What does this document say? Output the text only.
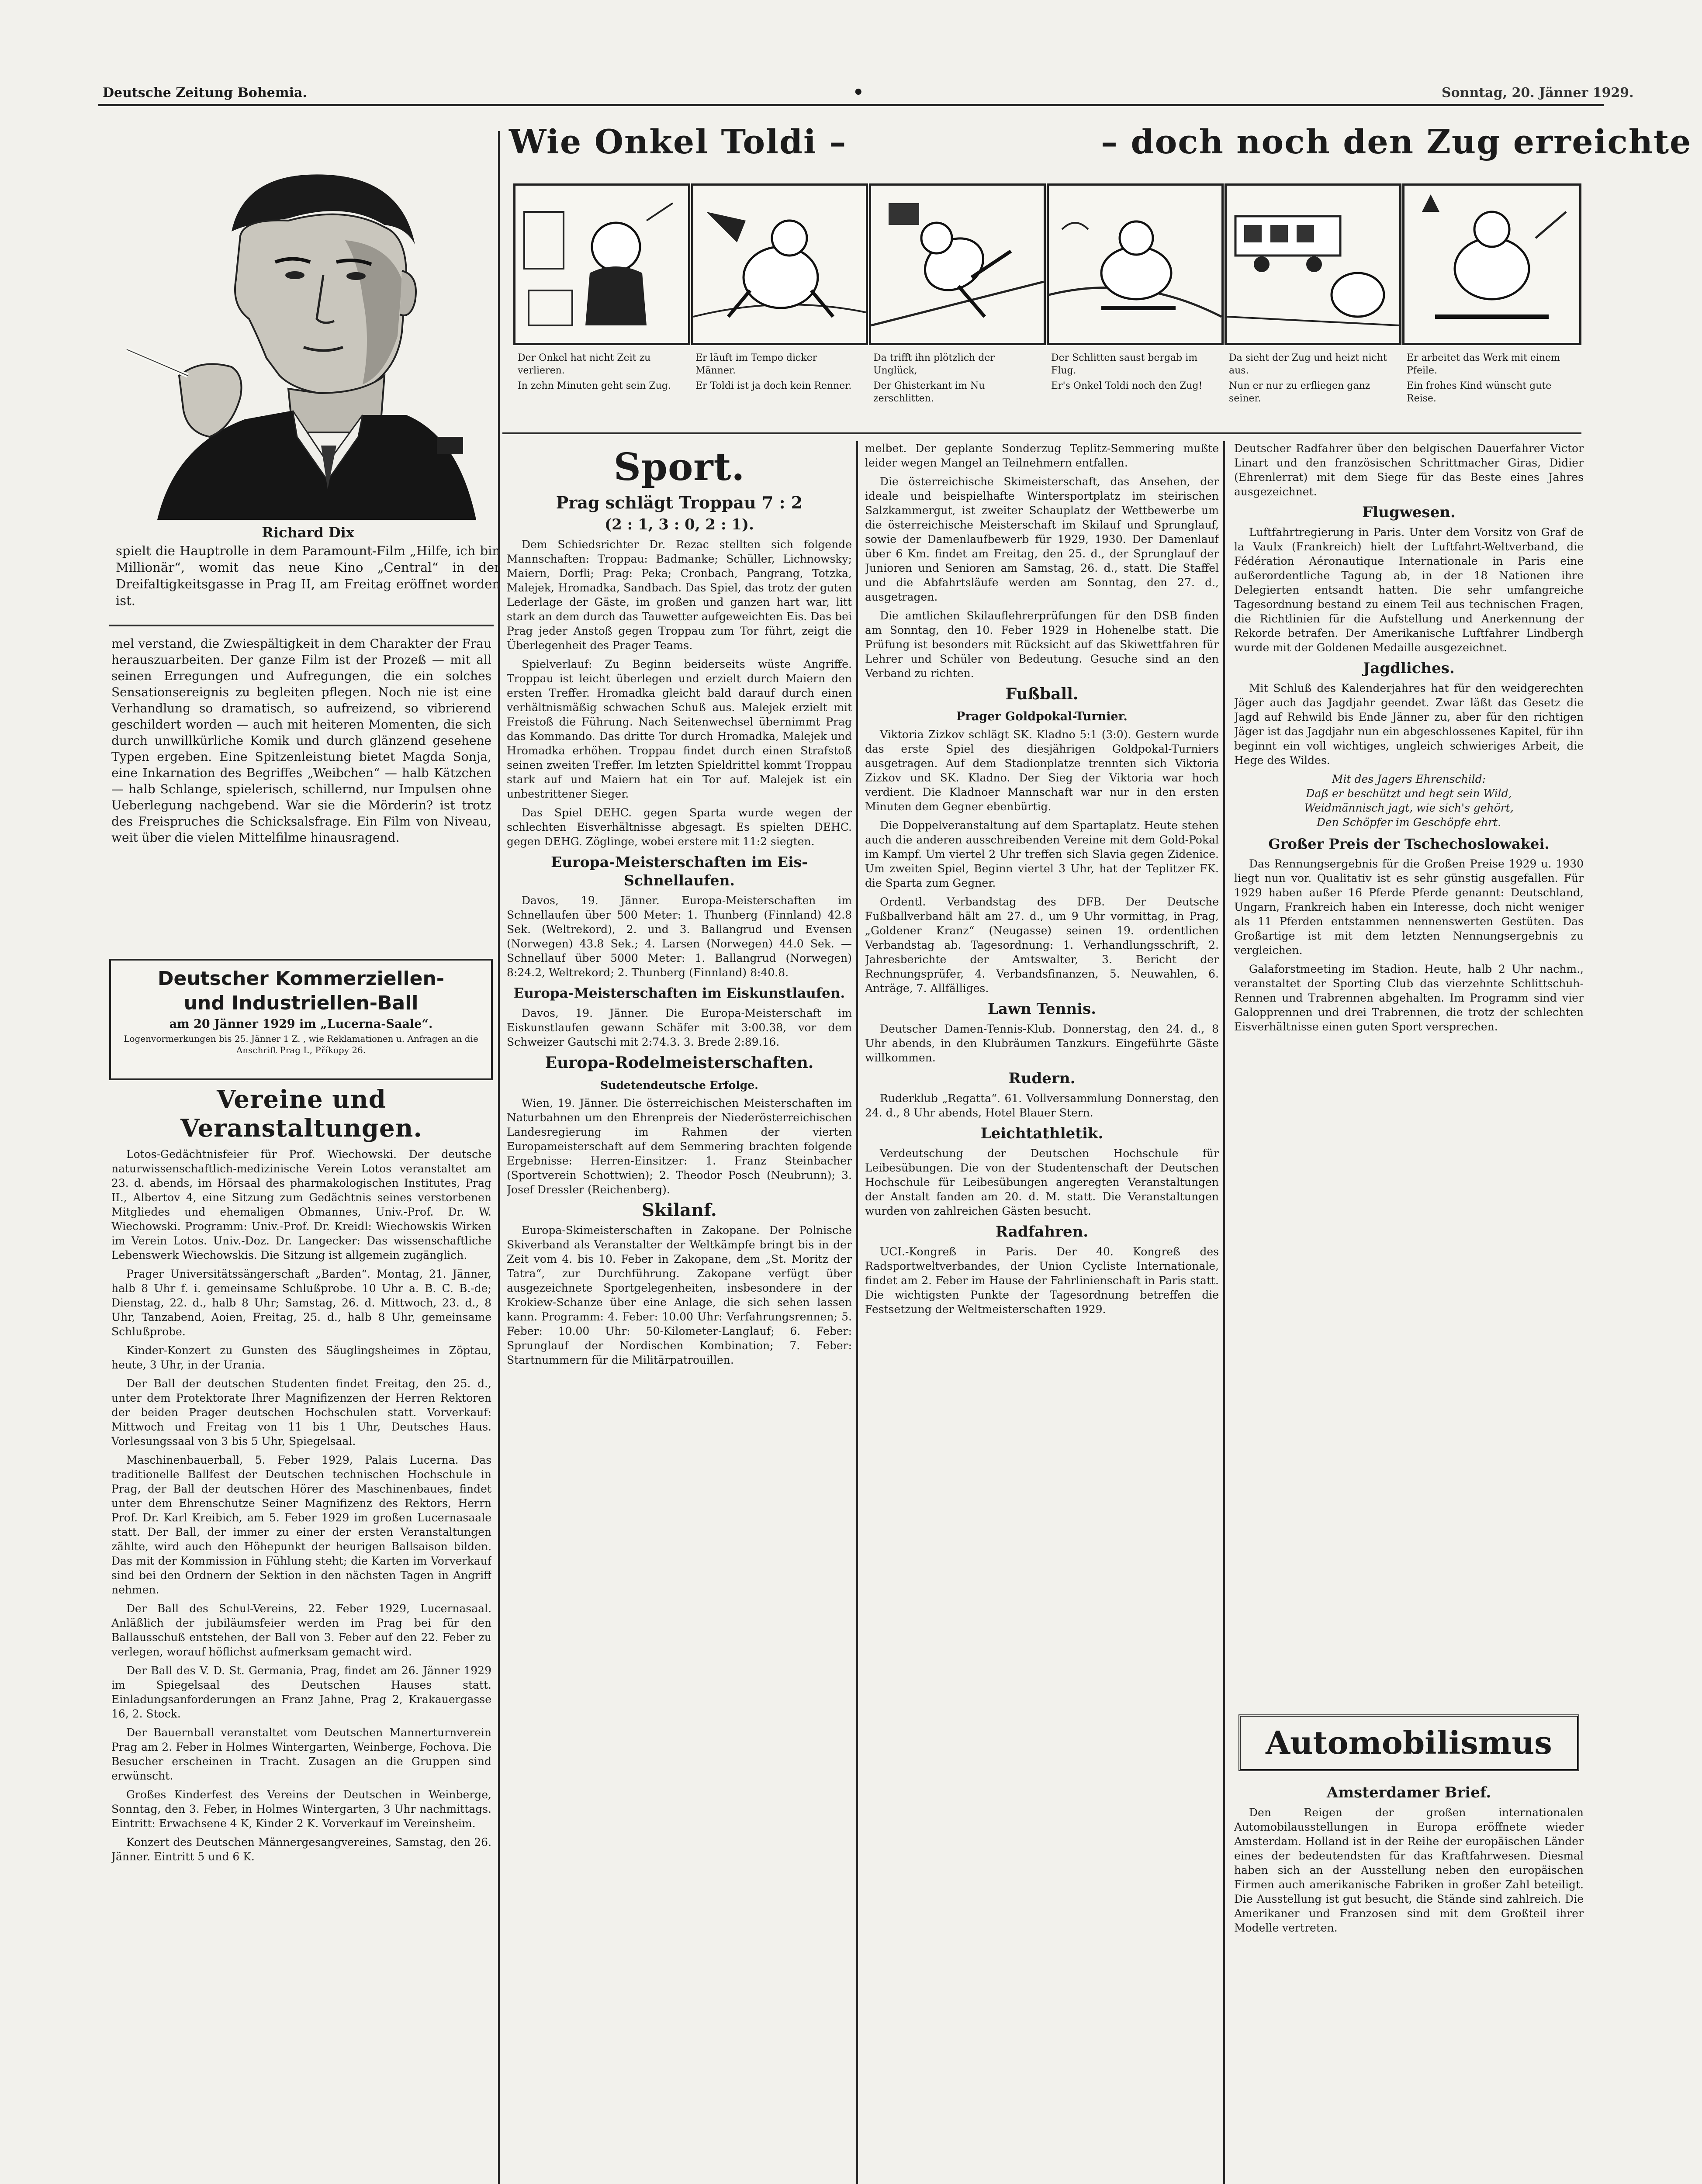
Deutsche Zeitung Bohemia.	•	Sonntag, 20. Jänner 1929.
Richard Dix
spielt die Hauptrolle in dem Paramount-Film „Hilfe, ich bin Millionär“, womit das neue Kino „Central“ in der Dreifaltigkeitsgasse in Prag II, am Freitag eröffnet worden ist.

mel verstand, die Zwiespältigkeit in dem Charakter der Frau herauszuarbeiten. Der ganze Film ist der Prozeß — mit all seinen Erregungen und Aufregungen, die ein solches Sensationsereignis zu begleiten pflegen. Noch nie ist eine Verhandlung so dramatisch, so aufreizend, so vibrierend geschildert worden — auch mit heiteren Momenten, die sich durch unwillkürliche Komik und durch glänzend gesehene Typen ergeben. Eine Spitzenleistung bietet Magda Sonja, eine Inkarnation des Begriffes „Weibchen“ — halb Kätzchen — halb Schlange, spielerisch, schillernd, nur Impulsen ohne Ueberlegung nachgebend. War sie die Mörderin? ist trotz des Freispruches die Schicksalsfrage. Ein Film von Niveau, weit über die vielen Mittelfilme hinausragend.

Deutscher Kommerziellen-
und Industriellen-Ball
am 20 Jänner 1929 im „Lucerna-Saale“.
Logenvormerkungen bis 25. Jänner 1 Z. , wie Reklamationen u. Anfragen an die Anschrift Prag I., Příkopy 26.
Vereine und Veranstaltungen.

Lotos-Gedächtnisfeier für Prof. Wiechowski. Der deutsche naturwissenschaftlich-medizinische Verein Lotos veranstaltet am 23. d. abends, im Hörsaal des pharmakologischen Institutes, Prag II., Albertov 4, eine Sitzung zum Gedächtnis seines verstorbenen Mitgliedes und ehemaligen Obmannes, Univ.-Prof. Dr. W. Wiechowski. Programm: Univ.-Prof. Dr. Kreidl: Wiechowskis Wirken im Verein Lotos. Univ.-Doz. Dr. Langecker: Das wissenschaftliche Lebenswerk Wiechowskis. Die Sitzung ist allgemein zugänglich.

Prager Universitätssängerschaft „Barden“. Montag, 21. Jänner, halb 8 Uhr f. i. gemeinsame Schlußprobe. 10 Uhr a. B. C. B.-de; Dienstag, 22. d., halb 8 Uhr; Samstag, 26. d. Mittwoch, 23. d., 8 Uhr, Tanzabend, Aoien, Freitag, 25. d., halb 8 Uhr, gemeinsame Schlußprobe.

Kinder-Konzert zu Gunsten des Säuglingsheimes in Zöptau, heute, 3 Uhr, in der Urania.

Der Ball der deutschen Studenten findet Freitag, den 25. d., unter dem Protektorate Ihrer Magnifizenzen der Herren Rektoren der beiden Prager deutschen Hochschulen statt. Vorverkauf: Mittwoch und Freitag von 11 bis 1 Uhr, Deutsches Haus. Vorlesungssaal von 3 bis 5 Uhr, Spiegelsaal.

Maschinenbauerball, 5. Feber 1929, Palais Lucerna. Das traditionelle Ballfest der Deutschen technischen Hochschule in Prag, der Ball der deutschen Hörer des Maschinenbaues, findet unter dem Ehrenschutze Seiner Magnifizenz des Rektors, Herrn Prof. Dr. Karl Kreibich, am 5. Feber 1929 im großen Lucernasaale statt. Der Ball, der immer zu einer der ersten Veranstaltungen zählte, wird auch den Höhepunkt der heurigen Ballsaison bilden. Das mit der Kommission in Fühlung steht; die Karten im Vorverkauf sind bei den Ordnern der Sektion in den nächsten Tagen in Angriff nehmen.

Der Ball des Schul-Vereins, 22. Feber 1929, Lucernasaal. Anläßlich der jubiläumsfeier werden im Prag bei für den Ballausschuß entstehen, der Ball von 3. Feber auf den 22. Feber zu verlegen, worauf höflichst aufmerksam gemacht wird.

Der Ball des V. D. St. Germania, Prag, findet am 26. Jänner 1929 im Spiegelsaal des Deutschen Hauses statt. Einladungsanforderungen an Franz Jahne, Prag 2, Krakauergasse 16, 2. Stock.

Der Bauernball veranstaltet vom Deutschen Mannerturnverein Prag am 2. Feber in Holmes Wintergarten, Weinberge, Fochova. Die Besucher erscheinen in Tracht. Zusagen an die Gruppen sind erwünscht.

Großes Kinderfest des Vereins der Deutschen in Weinberge, Sonntag, den 3. Feber, in Holmes Wintergarten, 3 Uhr nachmittags. Eintritt: Erwachsene 4 K, Kinder 2 K. Vorverkauf im Vereinsheim.

Konzert des Deutschen Männergesangvereines, Samstag, den 26. Jänner. Eintritt 5 und 6 K.

Wie Onkel Toldi –	– doch noch den Zug erreichte
Der Onkel hat nicht Zeit zu verlieren.
In zehn Minuten geht sein Zug.
Er läuft im Tempo dicker Männer.
Er Toldi ist ja doch kein Renner.
Da trifft ihn plötzlich der Unglück,
Der Ghisterkant im Nu zerschlitten.
Der Schlitten saust bergab im Flug.
Er's Onkel Toldi noch den Zug!
Da sieht der Zug und heizt nicht aus.
Nun er nur zu erfliegen ganz seiner.
Er arbeitet das Werk mit einem Pfeile.
Ein frohes Kind wünscht gute Reise.
Sport.
Prag schlägt Troppau 7 : 2
(2 : 1, 3 : 0, 2 : 1).

Dem Schiedsrichter Dr. Rezac stellten sich folgende Mannschaften: Troppau: Badmanke; Schüller, Lichnowsky; Maiern, Dorfli; Prag: Peka; Cronbach, Pangrang, Totzka, Malejek, Hromadka, Sandbach. Das Spiel, das trotz der guten Lederlage der Gäste, im großen und ganzen hart war, litt stark an dem durch das Tauwetter aufgeweichten Eis. Das bei Prag jeder Anstoß gegen Troppau zum Tor führt, zeigt die Überlegenheit des Prager Teams.

Spielverlauf: Zu Beginn beiderseits wüste Angriffe. Troppau ist leicht überlegen und erzielt durch Maiern den ersten Treffer. Hromadka gleicht bald darauf durch einen verhältnismäßig schwachen Schuß aus. Malejek erzielt mit Freistoß die Führung. Nach Seitenwechsel übernimmt Prag das Kommando. Das dritte Tor durch Hromadka, Malejek und Hromadka erhöhen. Troppau findet durch einen Strafstoß seinen zweiten Treffer. Im letzten Spieldrittel kommt Troppau stark auf und Maiern hat ein Tor auf. Malejek ist ein unbestrittener Sieger.

Das Spiel DEHC. gegen Sparta wurde wegen der schlechten Eisverhältnisse abgesagt. Es spielten DEHC. gegen DEHG. Zöglinge, wobei erstere mit 11:2 siegten.

Europa-Meisterschaften im Eis-Schnellaufen.

Davos, 19. Jänner. Europa-Meisterschaften im Schnellaufen über 500 Meter: 1. Thunberg (Finnland) 42.8 Sek. (Weltrekord), 2. und 3. Ballangrud und Evensen (Norwegen) 43.8 Sek.; 4. Larsen (Norwegen) 44.0 Sek. — Schnellauf über 5000 Meter: 1. Ballangrud (Norwegen) 8:24.2, Weltrekord; 2. Thunberg (Finnland) 8:40.8.

Europa-Meisterschaften im Eiskunstlaufen.

Davos, 19. Jänner. Die Europa-Meisterschaft im Eiskunstlaufen gewann Schäfer mit 3:00.38, vor dem Schweizer Gautschi mit 2:74.3. 3. Brede 2:89.16.

Europa-Rodelmeisterschaften.
Sudetendeutsche Erfolge.

Wien, 19. Jänner. Die österreichischen Meisterschaften im Naturbahnen um den Ehrenpreis der Niederösterreichischen Landesregierung im Rahmen der vierten Europameisterschaft auf dem Semmering brachten folgende Ergebnisse: Herren-Einsitzer: 1. Franz Steinbacher (Sportverein Schottwien); 2. Theodor Posch (Neubrunn); 3. Josef Dressler (Reichenberg).

Skilanf.

Europa-Skimeisterschaften in Zakopane. Der Polnische Skiverband als Veranstalter der Weltkämpfe bringt bis in der Zeit vom 4. bis 10. Feber in Zakopane, dem „St. Moritz der Tatra“, zur Durchführung. Zakopane verfügt über ausgezeichnete Sportgelegenheiten, insbesondere in der Krokiew-Schanze über eine Anlage, die sich sehen lassen kann. Programm: 4. Feber: 10.00 Uhr: Verfahrungsrennen; 5. Feber: 10.00 Uhr: 50-Kilometer-Langlauf; 6. Feber: Sprunglauf der Nordischen Kombination; 7. Feber: Startnummern für die Militärpatrouillen.

melbet. Der geplante Sonderzug Teplitz-Semmering mußte leider wegen Mangel an Teilnehmern entfallen.

Die österreichische Skimeisterschaft, das Ansehen, der ideale und beispielhafte Wintersportplatz im steirischen Salzkammergut, ist zweiter Schauplatz der Wettbewerbe um die österreichische Meisterschaft im Skilauf und Sprunglauf, sowie der Damenlaufbewerb für 1929, 1930. Der Damenlauf über 6 Km. findet am Freitag, den 25. d., der Sprunglauf der Junioren und Senioren am Samstag, 26. d., statt. Die Staffel und die Abfahrtsläufe werden am Sonntag, den 27. d., ausgetragen.

Die amtlichen Skilauflehrerprüfungen für den DSB finden am Sonntag, den 10. Feber 1929 in Hohenelbe statt. Die Prüfung ist besonders mit Rücksicht auf das Skiwettfahren für Lehrer und Schüler von Bedeutung. Gesuche sind an den Verband zu richten.

Fußball.
Prager Goldpokal-Turnier.

Viktoria Zizkov schlägt SK. Kladno 5:1 (3:0). Gestern wurde das erste Spiel des diesjährigen Goldpokal-Turniers ausgetragen. Auf dem Stadionplatze trennten sich Viktoria Zizkov und SK. Kladno. Der Sieg der Viktoria war hoch verdient. Die Kladnoer Mannschaft war nur in den ersten Minuten dem Gegner ebenbürtig.

Die Doppelveranstaltung auf dem Spartaplatz. Heute stehen auch die anderen ausschreibenden Vereine mit dem Gold-Pokal im Kampf. Um viertel 2 Uhr treffen sich Slavia gegen Zidenice. Um zweiten Spiel, Beginn viertel 3 Uhr, hat der Teplitzer FK. die Sparta zum Gegner.

Ordentl. Verbandstag des DFB. Der Deutsche Fußballverband hält am 27. d., um 9 Uhr vormittag, in Prag, „Goldener Kranz“ (Neugasse) seinen 19. ordentlichen Verbandstag ab. Tagesordnung: 1. Verhandlungsschrift, 2. Jahresberichte der Amtswalter, 3. Bericht der Rechnungsprüfer, 4. Verbandsfinanzen, 5. Neuwahlen, 6. Anträge, 7. Allfälliges.

Lawn Tennis.

Deutscher Damen-Tennis-Klub. Donnerstag, den 24. d., 8 Uhr abends, in den Klubräumen Tanzkurs. Eingeführte Gäste willkommen.

Rudern.

Ruderklub „Regatta“. 61. Vollversammlung Donnerstag, den 24. d., 8 Uhr abends, Hotel Blauer Stern.

Leichtathletik.

Verdeutschung der Deutschen Hochschule für Leibesübungen. Die von der Studentenschaft der Deutschen Hochschule für Leibesübungen angeregten Veranstaltungen der Anstalt fanden am 20. d. M. statt. Die Veranstaltungen wurden von zahlreichen Gästen besucht.

Radfahren.

UCI.-Kongreß in Paris. Der 40. Kongreß des Radsportweltverbandes, der Union Cycliste Internationale, findet am 2. Feber im Hause der Fahrlinienschaft in Paris statt. Die wichtigsten Punkte der Tagesordnung betreffen die Festsetzung der Weltmeisterschaften 1929.

Deutscher Radfahrer über den belgischen Dauerfahrer Victor Linart und den französischen Schrittmacher Giras, Didier (Ehrenlerrat) mit dem Siege für das Beste eines Jahres ausgezeichnet.

Flugwesen.

Luftfahrtregierung in Paris. Unter dem Vorsitz von Graf de la Vaulx (Frankreich) hielt der Luftfahrt-Weltverband, die Fédération Aéronautique Internationale in Paris eine außerordentliche Tagung ab, in der 18 Nationen ihre Delegierten entsandt hatten. Die sehr umfangreiche Tagesordnung bestand zu einem Teil aus technischen Fragen, die Richtlinien für die Aufstellung und Anerkennung der Rekorde betrafen. Der Amerikanische Luftfahrer Lindbergh wurde mit der Goldenen Medaille ausgezeichnet.

Jagdliches.

Mit Schluß des Kalenderjahres hat für den weidgerechten Jäger auch das Jagdjahr geendet. Zwar läßt das Gesetz die Jagd auf Rehwild bis Ende Jänner zu, aber für den richtigen Jäger ist das Jagdjahr nun ein abgeschlossenes Kapitel, für ihn beginnt ein voll wichtiges, ungleich schwieriges Arbeit, die Hege des Wildes.

Mit des Jagers Ehrenschild:
Daß er beschützt und hegt sein Wild,
Weidmännisch jagt, wie sich's gehört,
Den Schöpfer im Geschöpfe ehrt.
Großer Preis der Tschechoslowakei.

Das Rennungsergebnis für die Großen Preise 1929 u. 1930 liegt nun vor. Qualitativ ist es sehr günstig ausgefallen. Für 1929 haben außer 16 Pferde Pferde genannt: Deutschland, Ungarn, Frankreich haben ein Interesse, doch nicht weniger als 11 Pferden entstammen nennenswerten Gestüten. Das Großartige ist mit dem letzten Nennungsergebnis zu vergleichen.

Galaforstmeeting im Stadion. Heute, halb 2 Uhr nachm., veranstaltet der Sporting Club das vierzehnte Schlittschuh-Rennen und Trabrennen abgehalten. Im Programm sind vier Galopprennen und drei Trabrennen, die trotz der schlechten Eisverhältnisse einen guten Sport versprechen.

Automobilismus
Amsterdamer Brief.

Den Reigen der großen internationalen Automobilausstellungen in Europa eröffnete wieder Amsterdam. Holland ist in der Reihe der europäischen Länder eines der bedeutendsten für das Kraftfahrwesen. Diesmal haben sich an der Ausstellung neben den europäischen Firmen auch amerikanische Fabriken in großer Zahl beteiligt. Die Ausstellung ist gut besucht, die Stände sind zahlreich. Die Amerikaner und Franzosen sind mit dem Großteil ihrer Modelle vertreten.
